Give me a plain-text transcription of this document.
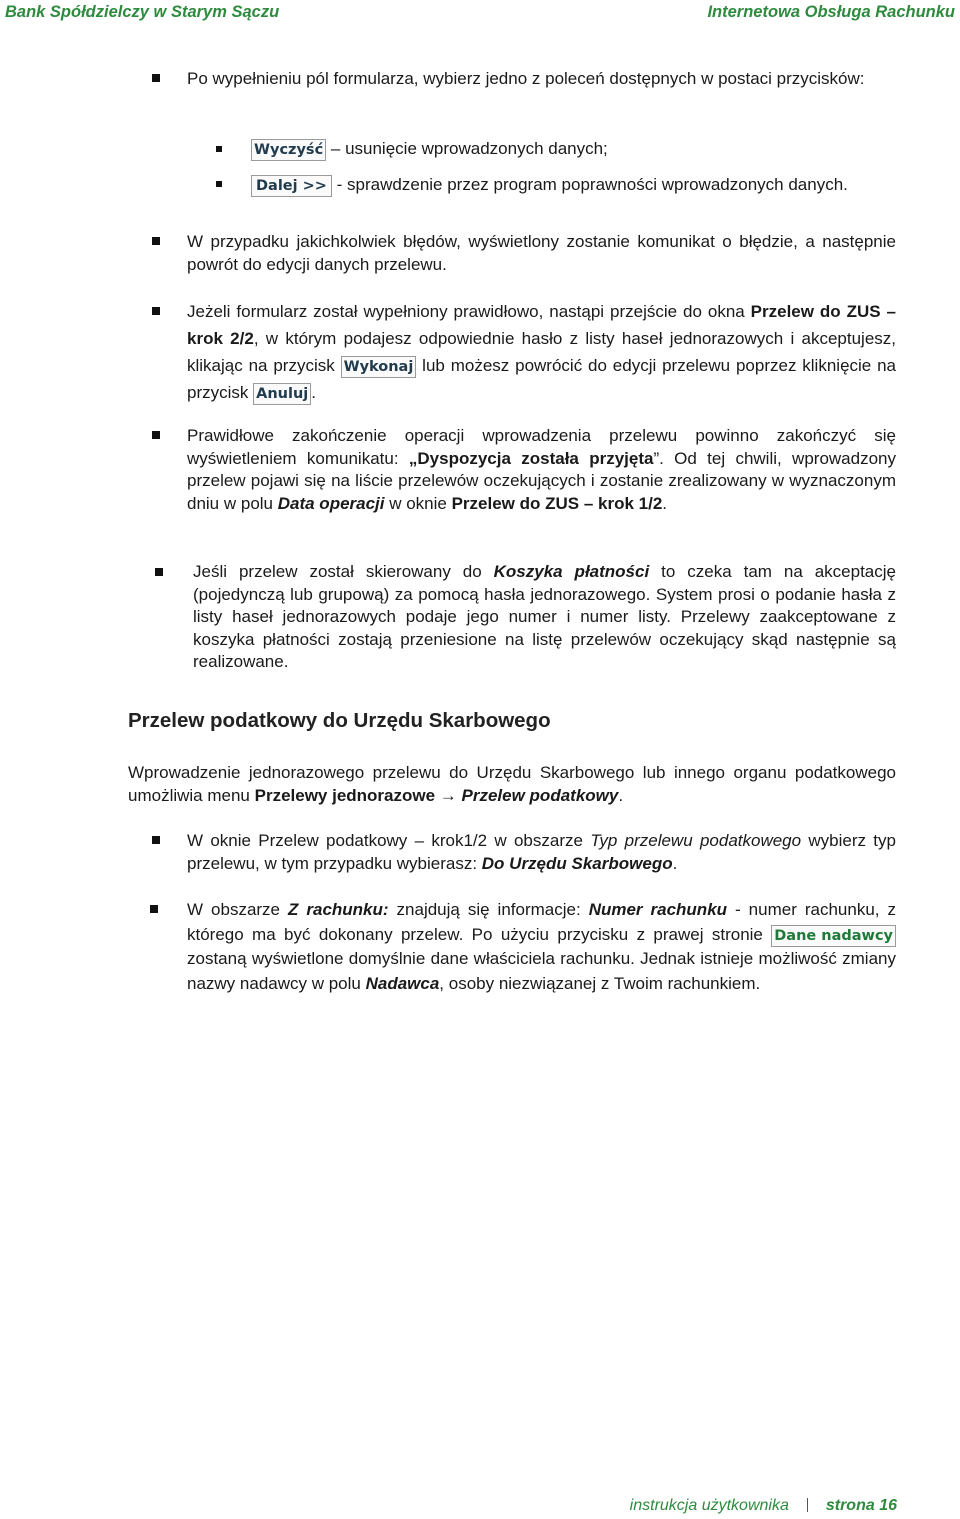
Bank Spółdzielczy w Starym Sączu	Internetowa Obsługa Rachunku
Po wypełnieniu pól formularza, wybierz jedno z poleceń dostępnych w postaci przycisków:
Wyczyść – usunięcie wprowadzonych danych;
Dalej >> - sprawdzenie przez program poprawności wprowadzonych danych.
W przypadku jakichkolwiek błędów, wyświetlony zostanie komunikat o błędzie, a następnie powrót do edycji danych przelewu.
Jeżeli formularz został wypełniony prawidłowo, nastąpi przejście do okna Przelew do ZUS – krok 2/2, w którym podajesz odpowiednie hasło z listy haseł jednorazowych i akceptujesz, klikając na przycisk Wykonaj lub możesz powrócić do edycji przelewu poprzez kliknięcie na przycisk Anuluj .
Prawidłowe zakończenie operacji wprowadzenia przelewu powinno zakończyć się wyświetleniem komunikatu: „Dyspozycja została przyjęta”. Od tej chwili, wprowadzony przelew pojawi się na liście przelewów oczekujących i zostanie zrealizowany w wyznaczonym dniu w polu Data operacji w oknie Przelew do ZUS – krok 1/2.
Jeśli przelew został skierowany do Koszyka płatności to czeka tam na akceptację (pojedynczą lub grupową) za pomocą hasła jednorazowego. System prosi o podanie hasła z listy haseł jednorazowych podaje jego numer i numer listy. Przelewy zaakceptowane z koszyka płatności zostają przeniesione na listę przelewów oczekujący skąd następnie są realizowane.
Przelew podatkowy do Urzędu Skarbowego
Wprowadzenie jednorazowego przelewu do Urzędu Skarbowego lub innego organu podatkowego umożliwia menu Przelewy jednorazowe → Przelew podatkowy.
W oknie Przelew podatkowy – krok1/2 w obszarze Typ przelewu podatkowego wybierz typ przelewu, w tym przypadku wybierasz: Do Urzędu Skarbowego.
W obszarze Z rachunku: znajdują się informacje: Numer rachunku - numer rachunku, z którego ma być dokonany przelew. Po użyciu przycisku z prawej stronie Dane nadawcy zostaną wyświetlone domyślnie dane właściciela rachunku. Jednak istnieje możliwość zmiany nazwy nadawcy w polu Nadawca, osoby niezwiązanej z Twoim rachunkiem.
instrukcja użytkownika strona 16
